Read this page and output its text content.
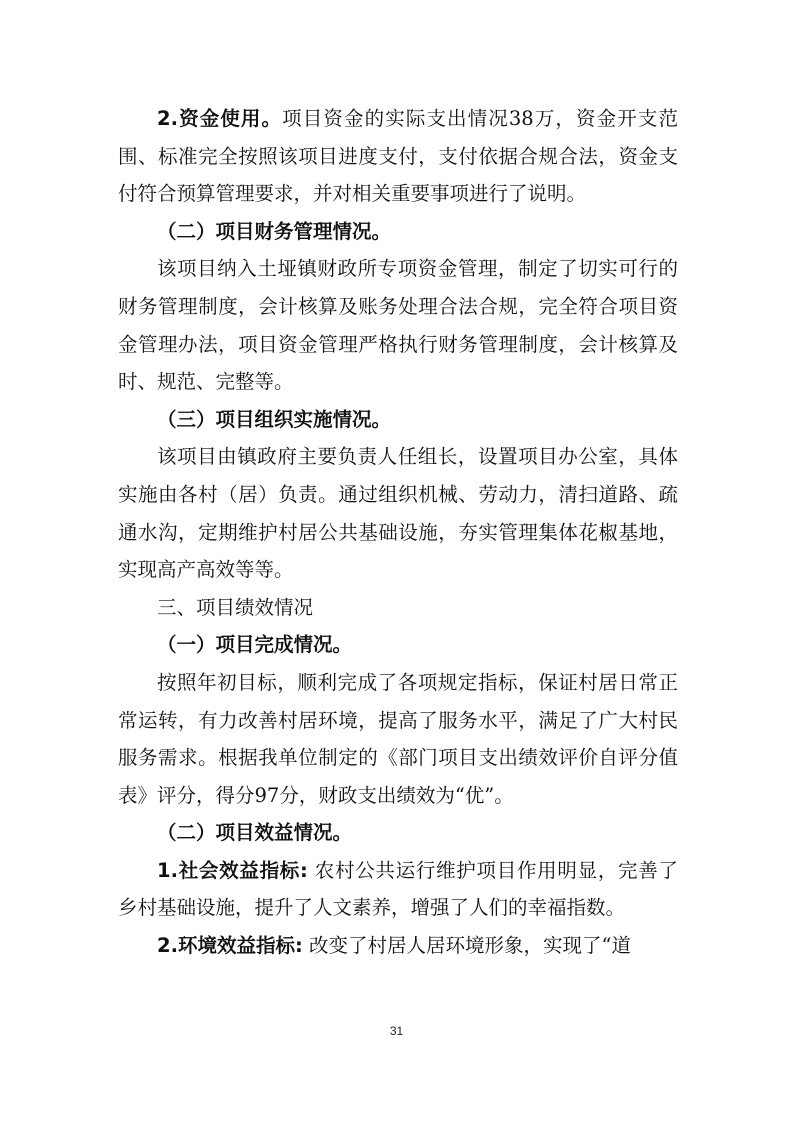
2.资金使用。项目资金的实际支出情况38万，资金开支范围、标准完全按照该项目进度支付，支付依据合规合法，资金支付符合预算管理要求，并对相关重要事项进行了说明。

（二）项目财务管理情况。

该项目纳入土垭镇财政所专项资金管理，制定了切实可行的财务管理制度，会计核算及账务处理合法合规，完全符合项目资金管理办法，项目资金管理严格执行财务管理制度，会计核算及时、规范、完整等。

（三）项目组织实施情况。

该项目由镇政府主要负责人任组长，设置项目办公室，具体实施由各村（居）负责。通过组织机械、劳动力，清扫道路、疏通水沟，定期维护村居公共基础设施，夯实管理集体花椒基地，实现高产高效等等。

三、项目绩效情况

（一）项目完成情况。

按照年初目标，顺利完成了各项规定指标，保证村居日常正常运转，有力改善村居环境，提高了服务水平，满足了广大村民服务需求。根据我单位制定的《部门项目支出绩效评价自评分值表》评分，得分97分，财政支出绩效为“优”。

（二）项目效益情况。

1.社会效益指标: 农村公共运行维护项目作用明显，完善了乡村基础设施，提升了人文素养，增强了人们的幸福指数。

2.环境效益指标: 改变了村居人居环境形象，实现了“道

31
